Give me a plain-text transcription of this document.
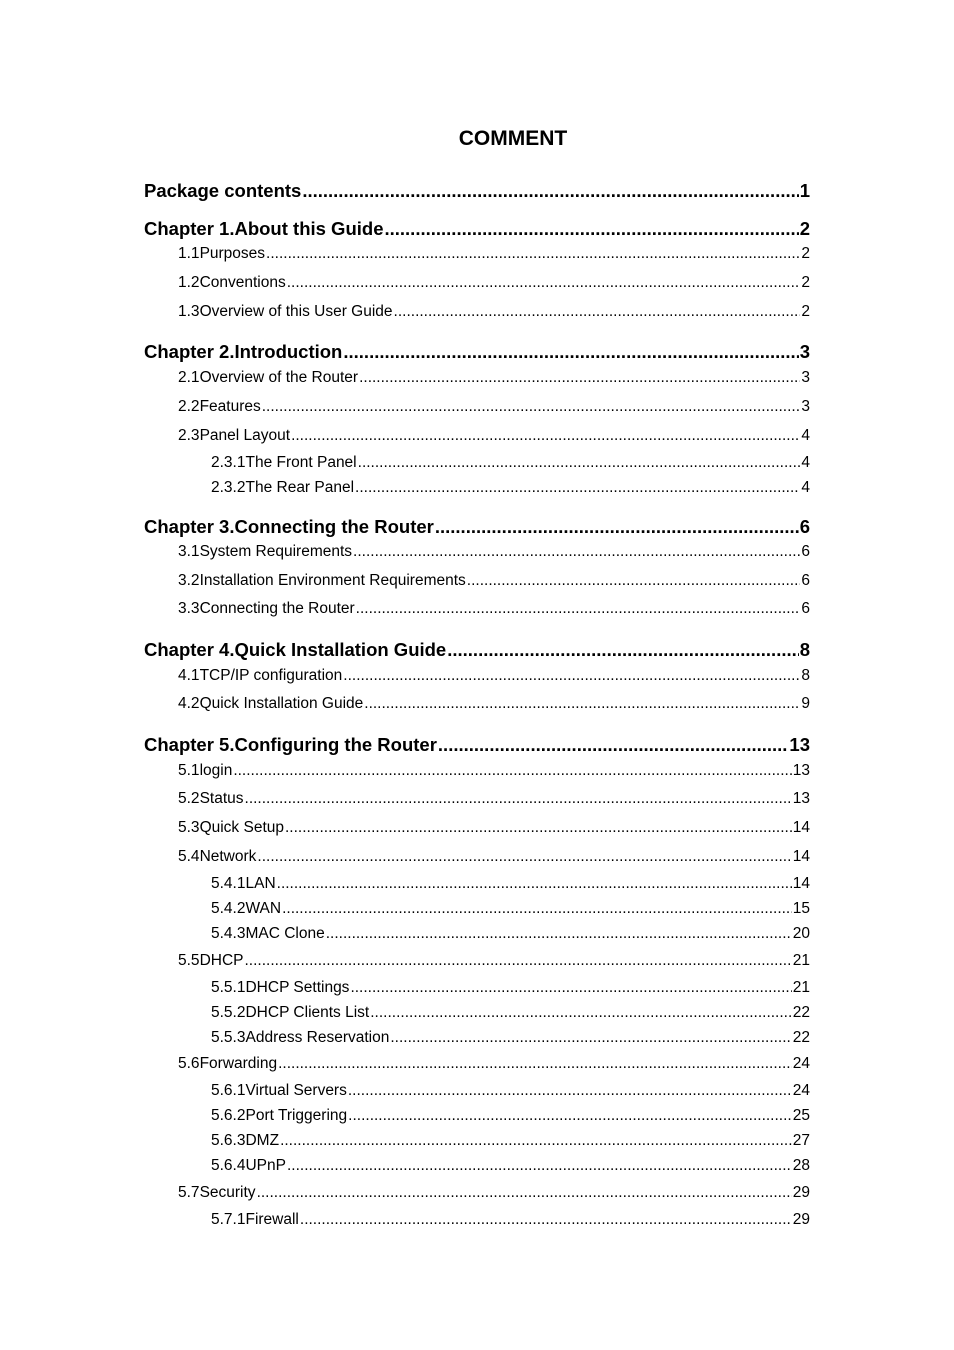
COMMENT
Package contents .....	1
Chapter 1. About this Guide .....	2
1.1 Purposes .....	2
1.2 Conventions .....	2
1.3 Overview of this User Guide .....	2
Chapter 2. Introduction .....	3
2.1 Overview of the Router .....	3
2.2 Features .....	3
2.3 Panel Layout .....	4
2.3.1 The Front Panel .....	4
2.3.2 The Rear Panel .....	4
Chapter 3. Connecting the Router .....	6
3.1 System Requirements .....	6
3.2 Installation Environment Requirements .....	6
3.3 Connecting the Router .....	6
Chapter 4. Quick Installation Guide .....	8
4.1 TCP/IP configuration .....	8
4.2 Quick Installation Guide .....	9
Chapter 5. Configuring the Router .....	13
5.1 login .....	13
5.2 Status .....	13
5.3 Quick Setup .....	14
5.4 Network .....	14
5.4.1 LAN .....	14
5.4.2 WAN .....	15
5.4.3 MAC Clone .....	20
5.5 DHCP .....	21
5.5.1 DHCP Settings .....	21
5.5.2 DHCP Clients List .....	22
5.5.3 Address Reservation .....	22
5.6 Forwarding .....	24
5.6.1 Virtual Servers .....	24
5.6.2 Port Triggering .....	25
5.6.3 DMZ .....	27
5.6.4 UPnP .....	28
5.7 Security .....	29
5.7.1 Firewall .....	29
